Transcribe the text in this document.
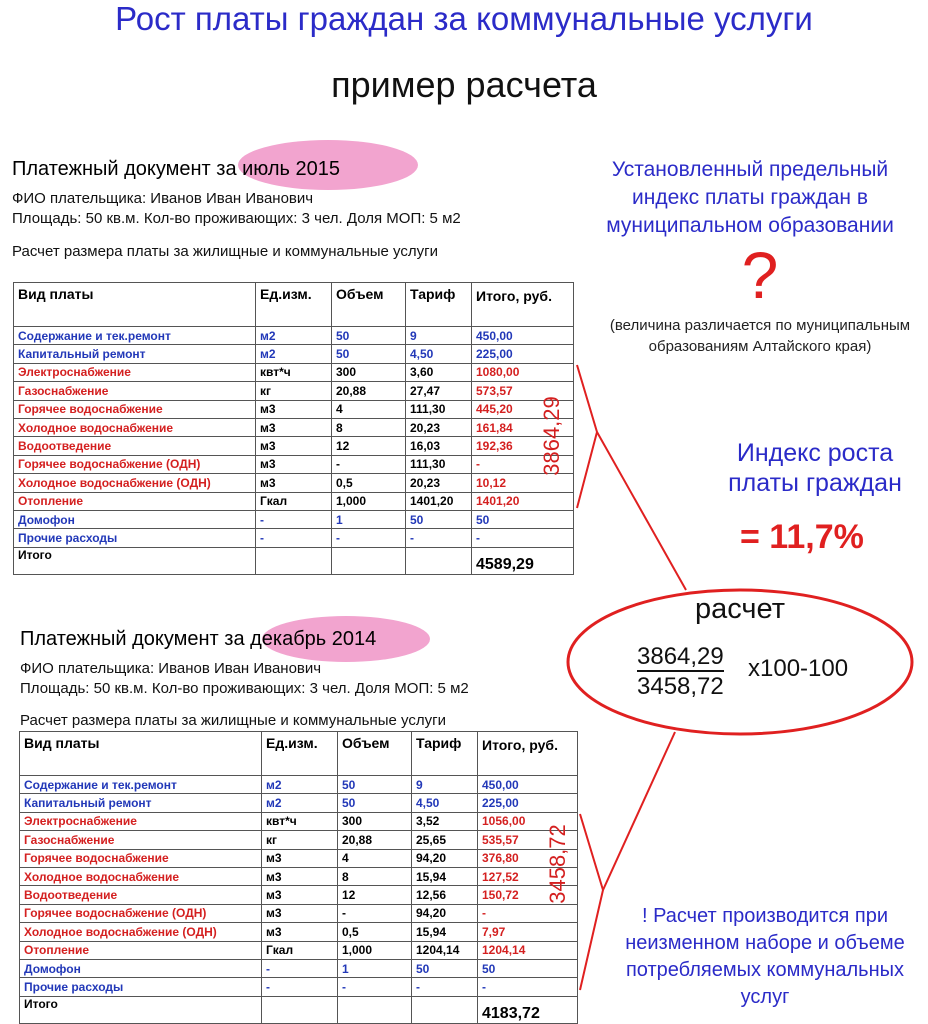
Рост платы граждан за коммунальные услуги
пример расчета
Платежный документ за июль 2015
ФИО плательщика: Иванов Иван Иванович
Площадь: 50 кв.м. Кол-во проживающих: 3 чел. Доля МОП: 5 м2
Расчет размера платы за жилищные и коммунальные услуги
Вид платы	Ед.изм.	Объем	Тариф	Итого, руб.
Содержание и тек.ремонт	м2	50	9	450,00
Капитальный ремонт	м2	50	4,50	225,00
Электроснабжение	квт*ч	300	3,60	1080,00
Газоснабжение	кг	20,88	27,47	573,57
Горячее водоснабжение	м3	4	111,30	445,20
Холодное водоснабжение	м3	8	20,23	161,84
Водоотведение	м3	12	16,03	192,36
Горячее водоснабжение (ОДН)	м3	-	111,30	-
Холодное водоснабжение (ОДН)	м3	0,5	20,23	10,12
Отопление	Гкал	1,000	1401,20	1401,20
Домофон	-	1	50	50
Прочие расходы	-	-	-	-
Итого				4589,29
3864,29
Платежный документ за декабрь 2014
ФИО плательщика: Иванов Иван Иванович
Площадь: 50 кв.м. Кол-во проживающих: 3 чел. Доля МОП: 5 м2
Расчет размера платы за жилищные и коммунальные услуги
Вид платы	Ед.изм.	Объем	Тариф	Итого, руб.
Содержание и тек.ремонт	м2	50	9	450,00
Капитальный ремонт	м2	50	4,50	225,00
Электроснабжение	квт*ч	300	3,52	1056,00
Газоснабжение	кг	20,88	25,65	535,57
Горячее водоснабжение	м3	4	94,20	376,80
Холодное водоснабжение	м3	8	15,94	127,52
Водоотведение	м3	12	12,56	150,72
Горячее водоснабжение (ОДН)	м3	-	94,20	-
Холодное водоснабжение (ОДН)	м3	0,5	15,94	7,97
Отопление	Гкал	1,000	1204,14	1204,14
Домофон	-	1	50	50
Прочие расходы	-	-	-	-
Итого				4183,72
3458,72
Установленный предельный индекс платы граждан в муниципальном образовании
?
(величина различается по муниципальным образованиям Алтайского края)
Индекс роста платы граждан
= 11,7%
расчет
3864,29
3458,72
х100-100
! Расчет производится при неизменном наборе и объеме потребляемых коммунальных услуг
